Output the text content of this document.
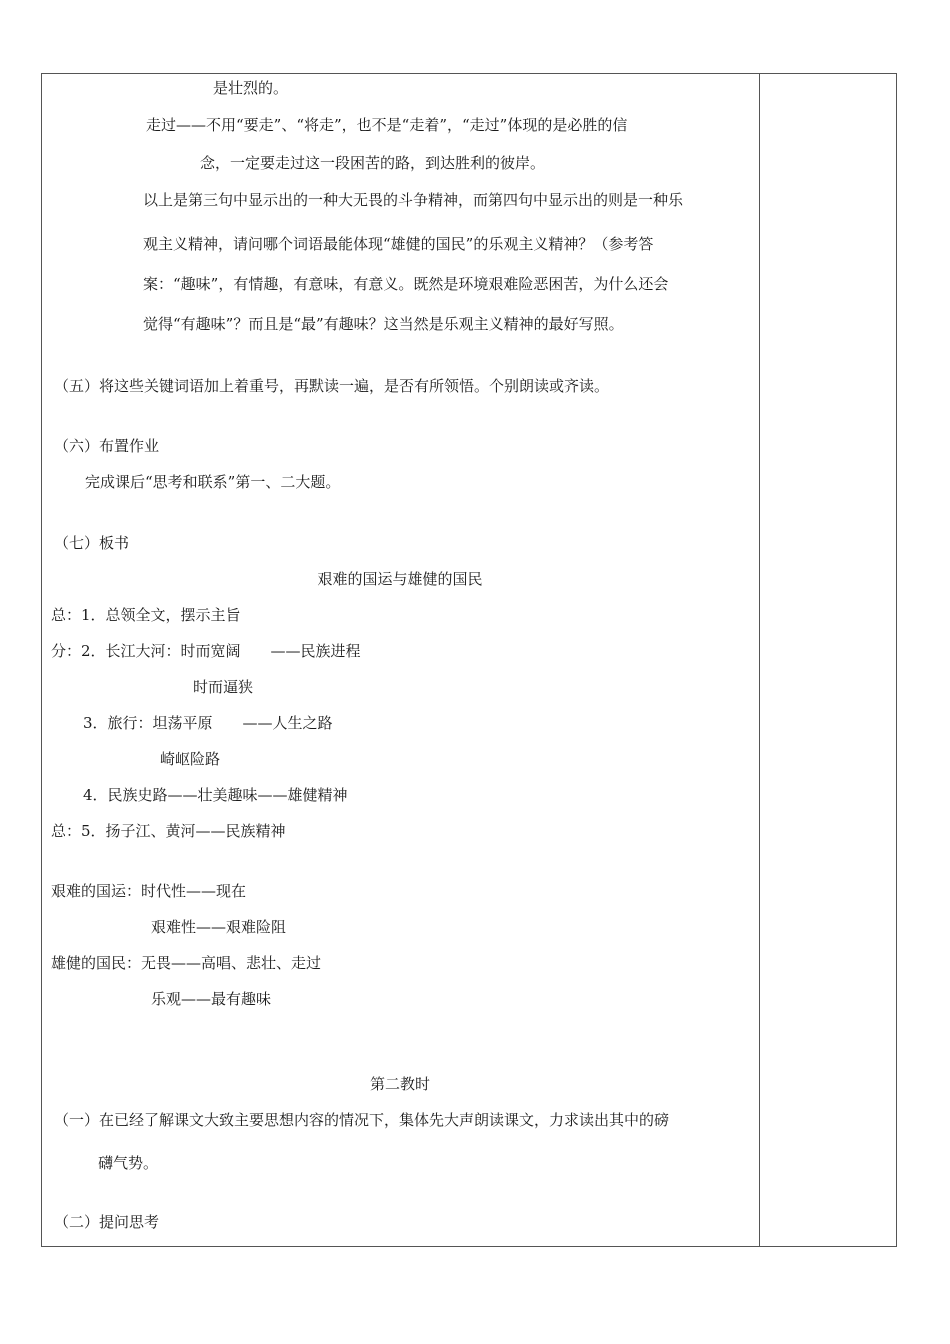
是壮烈的。
走过——不用“要走”、“将走”，也不是“走着”，“走过”体现的是必胜的信
念，一定要走过这一段困苦的路，到达胜利的彼岸。
以上是第三句中显示出的一种大无畏的斗争精神，而第四句中显示出的则是一种乐
观主义精神，请问哪个词语最能体现“雄健的国民”的乐观主义精神？（参考答
案：“趣味”，有情趣，有意味，有意义。既然是环境艰难险恶困苦，为什么还会
觉得“有趣味”？而且是“最”有趣味？这当然是乐观主义精神的最好写照。
（五）将这些关键词语加上着重号，再默读一遍，是否有所领悟。个别朗读或齐读。
（六）布置作业
完成课后“思考和联系”第一、二大题。
（七）板书
艰难的国运与雄健的国民
总：1．总领全文，摆示主旨
分：2．长江大河：时而宽阔　　——民族进程
时而逼狭
3．旅行：坦荡平原　　——人生之路
崎岖险路
4．民族史路——壮美趣味——雄健精神
总：5．扬子江、黄河——民族精神
艰难的国运：时代性——现在
艰难性——艰难险阻
雄健的国民：无畏——高唱、悲壮、走过
乐观——最有趣味
第二教时
（一）在已经了解课文大致主要思想内容的情况下，集体先大声朗读课文，力求读出其中的磅
礴气势。
（二）提问思考
